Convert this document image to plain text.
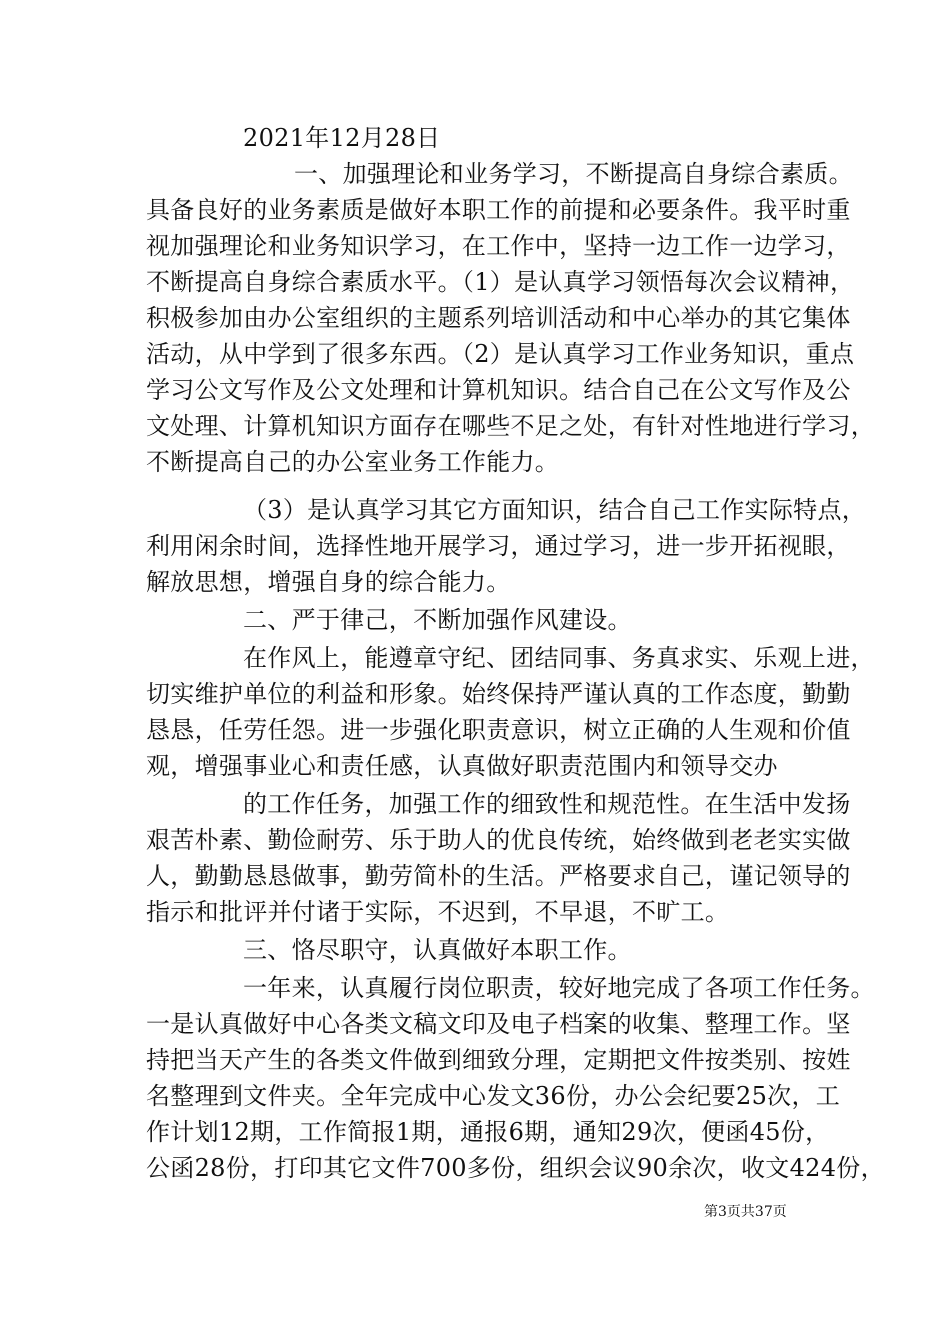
2021年12月28日
一、加强理论和业务学习，不断提高自身综合素质。
具备良好的业务素质是做好本职工作的前提和必要条件。我平时重
视加强理论和业务知识学习，在工作中，坚持一边工作一边学习，
不断提高自身综合素质水平。（1）是认真学习领悟每次会议精神，
积极参加由办公室组织的主题系列培训活动和中心举办的其它集体
活动，从中学到了很多东西。（2）是认真学习工作业务知识，重点
学习公文写作及公文处理和计算机知识。结合自己在公文写作及公
文处理、计算机知识方面存在哪些不足之处，有针对性地进行学习，
不断提高自己的办公室业务工作能力。
（3）是认真学习其它方面知识，结合自己工作实际特点，
利用闲余时间，选择性地开展学习，通过学习，进一步开拓视眼，
解放思想，增强自身的综合能力。
二、严于律己，不断加强作风建设。
在作风上，能遵章守纪、团结同事、务真求实、乐观上进，
切实维护单位的利益和形象。始终保持严谨认真的工作态度，勤勤
恳恳，任劳任怨。进一步强化职责意识，树立正确的人生观和价值
观，增强事业心和责任感，认真做好职责范围内和领导交办
的工作任务，加强工作的细致性和规范性。在生活中发扬
艰苦朴素、勤俭耐劳、乐于助人的优良传统，始终做到老老实实做
人，勤勤恳恳做事，勤劳简朴的生活。严格要求自己，谨记领导的
指示和批评并付诸于实际，不迟到，不早退，不旷工。
三、恪尽职守，认真做好本职工作。
一年来，认真履行岗位职责，较好地完成了各项工作任务。
一是认真做好中心各类文稿文印及电子档案的收集、整理工作。坚
持把当天产生的各类文件做到细致分理，定期把文件按类别、按姓
名整理到文件夹。全年完成中心发文36份，办公会纪要25次，工
作计划12期，工作简报1期，通报6期，通知29次，便函45份，
公函28份，打印其它文件700多份，组织会议90余次，收文424份，
第3页共37页
